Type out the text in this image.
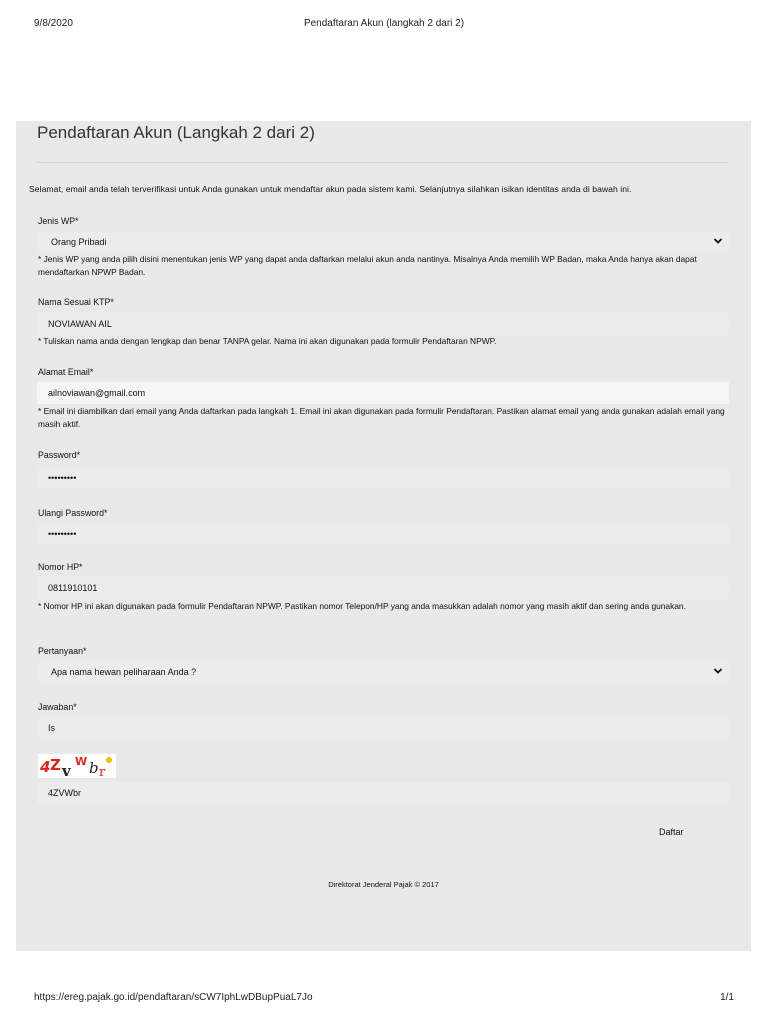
9/8/2020	Pendaftaran Akun (langkah 2 dari 2)
Pendaftaran Akun (Langkah 2 dari 2)
Selamat, email anda telah terverifikasi untuk Anda gunakan untuk mendaftar akun pada sistem kami. Selanjutnya silahkan isikan identitas anda di bawah ini.
Jenis WP*
Orang Pribadi
* Jenis WP yang anda pilih disini menentukan jenis WP yang dapat anda daftarkan melalui akun anda nantinya. Misalnya Anda memilih WP Badan, maka Anda hanya akan dapat mendaftarkan NPWP Badan.
Nama Sesuai KTP*
NOVIAWAN AIL
* Tuliskan nama anda dengan lengkap dan benar TANPA gelar. Nama ini akan digunakan pada formulir Pendaftaran NPWP.
Alamat Email*
ailnoviawan@gmail.com
* Email ini diambilkan dari email yang Anda daftarkan pada langkah 1. Email ini akan digunakan pada formulir Pendaftaran. Pastikan alamat email yang anda gunakan adalah email yang masih aktif.
Password*
•••••••••
Ulangi Password*
•••••••••
Nomor HP*
0811910101
* Nomor HP ini akan digunakan pada formulir Pendaftaran NPWP. Pastikan nomor Telepon/HP yang anda masukkan adalah nomor yang masih aktif dan sering anda gunakan.
Pertanyaan*
Apa nama hewan peliharaan Anda ?
Jawaban*
Is
4 Z v
W b r
4ZVWbr
Daftar
Direktorat Jenderal Pajak © 2017
https://ereg.pajak.go.id/pendaftaran/sCW7IphLwDBupPuaL7Jo	1/1
